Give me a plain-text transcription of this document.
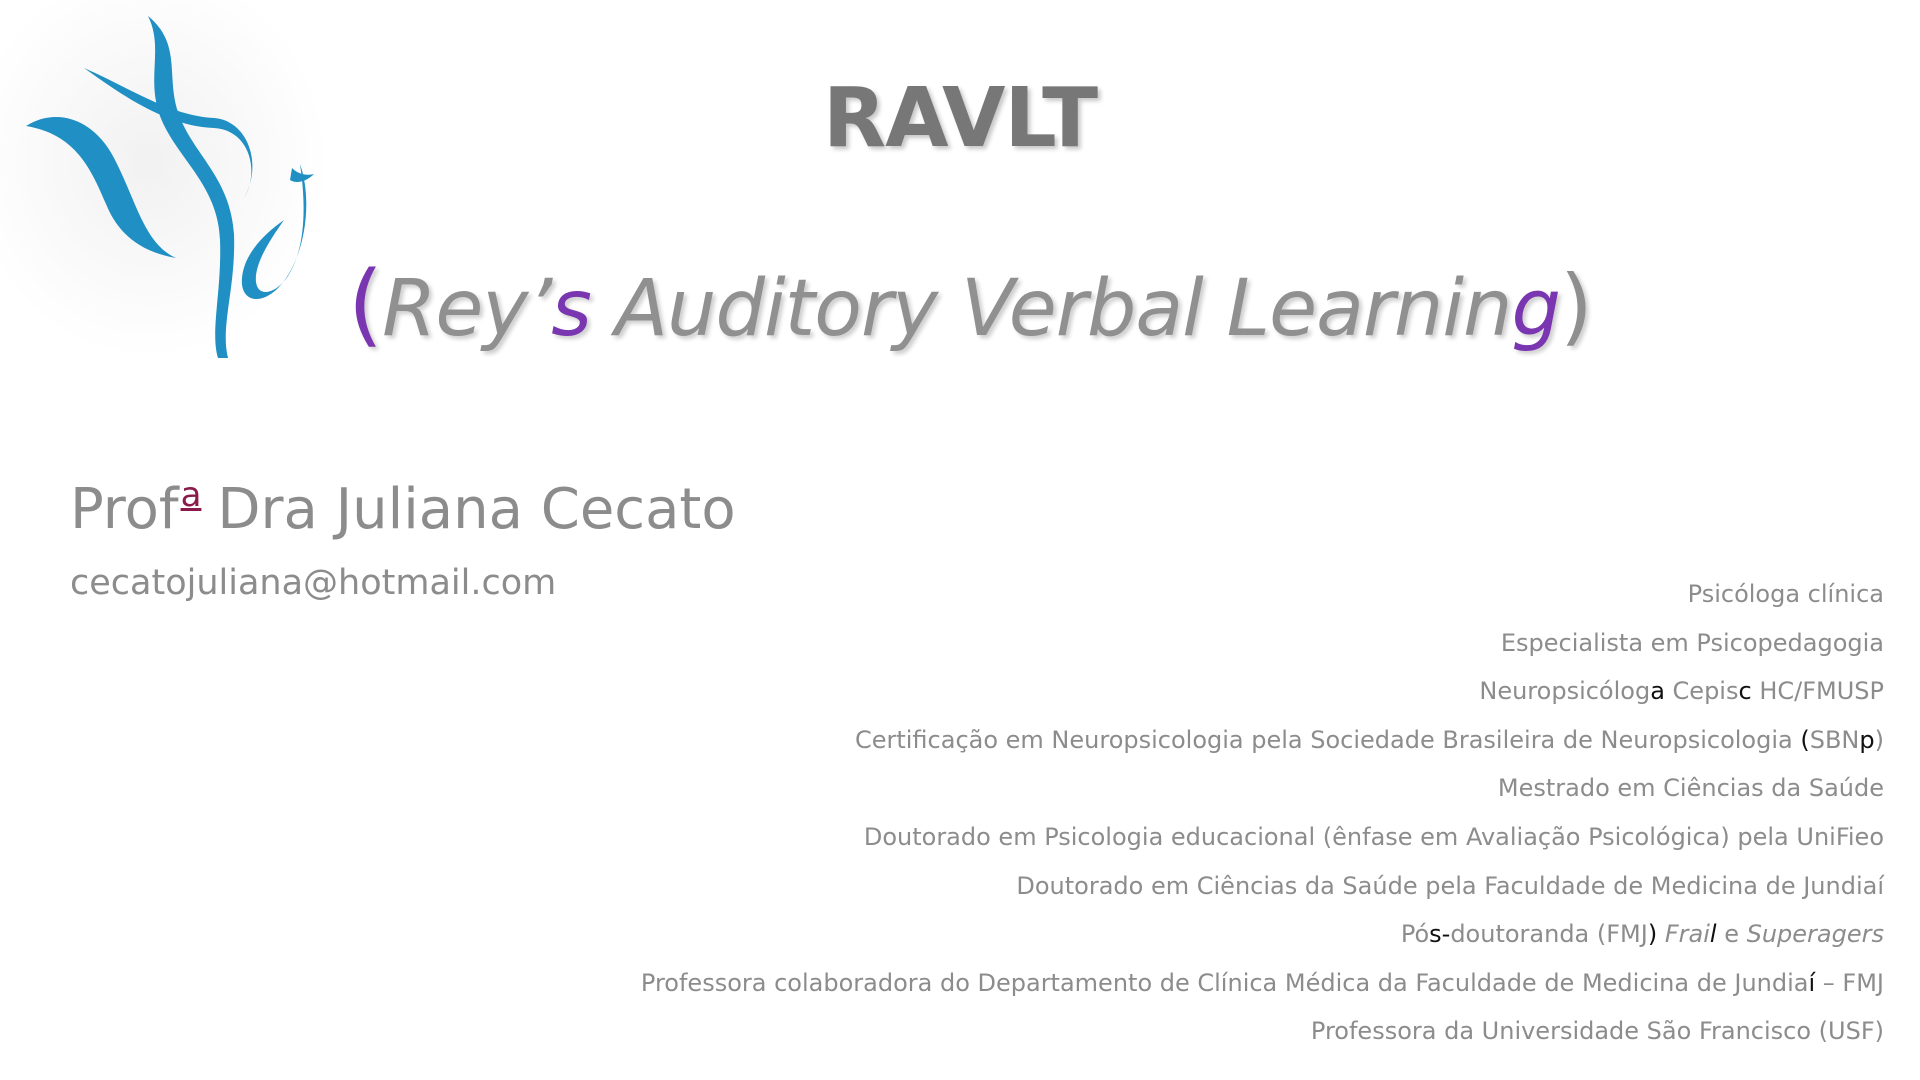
RAVLT
(Rey’s Auditory Verbal Learning)
Profa Dra Juliana Cecato
cecatojuliana@hotmail.com	Psicóloga clínica
Especialista em Psicopedagogia
Neuropsicóloga Cepisc HC/FMUSP
Certificação em Neuropsicologia pela Sociedade Brasileira de Neuropsicologia (SBNp)
Mestrado em Ciências da Saúde
Doutorado em Psicologia educacional (ênfase em Avaliação Psicológica) pela UniFieo
Doutorado em Ciências da Saúde pela Faculdade de Medicina de Jundiaí
Pós-doutoranda (FMJ) Frail e Superagers
Professora colaboradora do Departamento de Clínica Médica da Faculdade de Medicina de Jundiaí – FMJ
Professora da Universidade São Francisco (USF)
